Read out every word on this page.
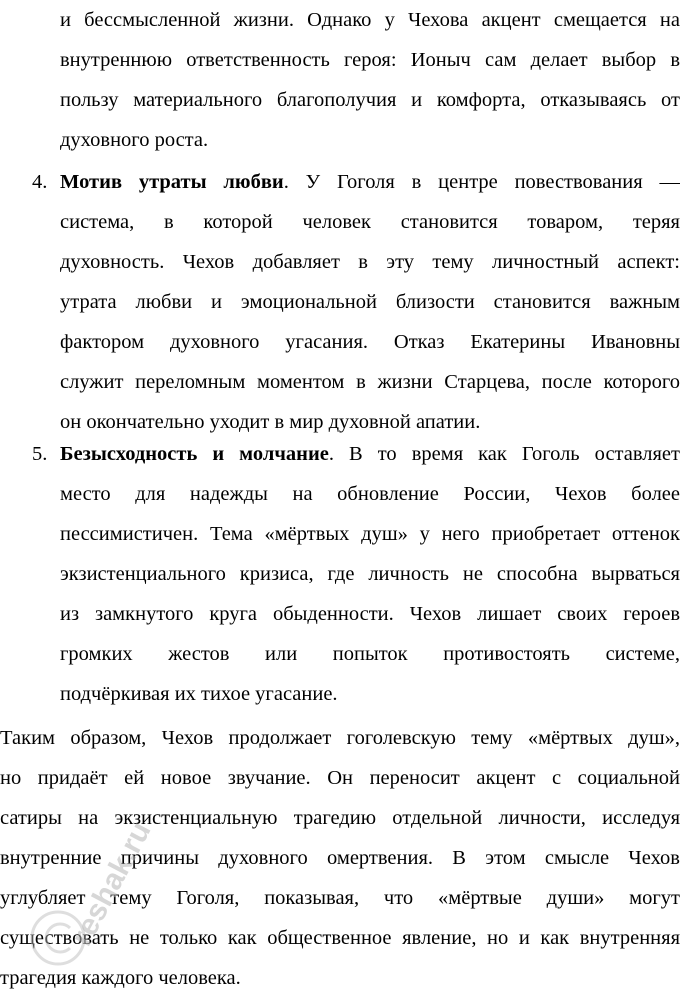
и бессмысленной жизни. Однако у Чехова акцент смещается на
внутреннюю ответственность героя: Ионыч сам делает выбор в
пользу материального благополучия и комфорта, отказываясь от
духовного роста.
4. Мотив утраты любви. У Гоголя в центре повествования —
система, в которой человек становится товаром, теряя
духовность. Чехов добавляет в эту тему личностный аспект:
утрата любви и эмоциональной близости становится важным
фактором духовного угасания. Отказ Екатерины Ивановны
служит переломным моментом в жизни Старцева, после которого
он окончательно уходит в мир духовной апатии.
5. Безысходность и молчание. В то время как Гоголь оставляет
место для надежды на обновление России, Чехов более
пессимистичен. Тема «мёртвых душ» у него приобретает оттенок
экзистенциального кризиса, где личность не способна вырваться
из замкнутого круга обыденности. Чехов лишает своих героев
громких жестов или попыток противостоять системе,
подчёркивая их тихое угасание.
Таким образом, Чехов продолжает гоголевскую тему «мёртвых душ»,
но придаёт ей новое звучание. Он переносит акцент с социальной
сатиры на экзистенциальную трагедию отдельной личности, исследуя
внутренние причины духовного омертвения. В этом смысле Чехов
углубляет тему Гоголя, показывая, что «мёртвые души» могут
существовать не только как общественное явление, но и как внутренняя
трагедия каждого человека.
reshak.ru
